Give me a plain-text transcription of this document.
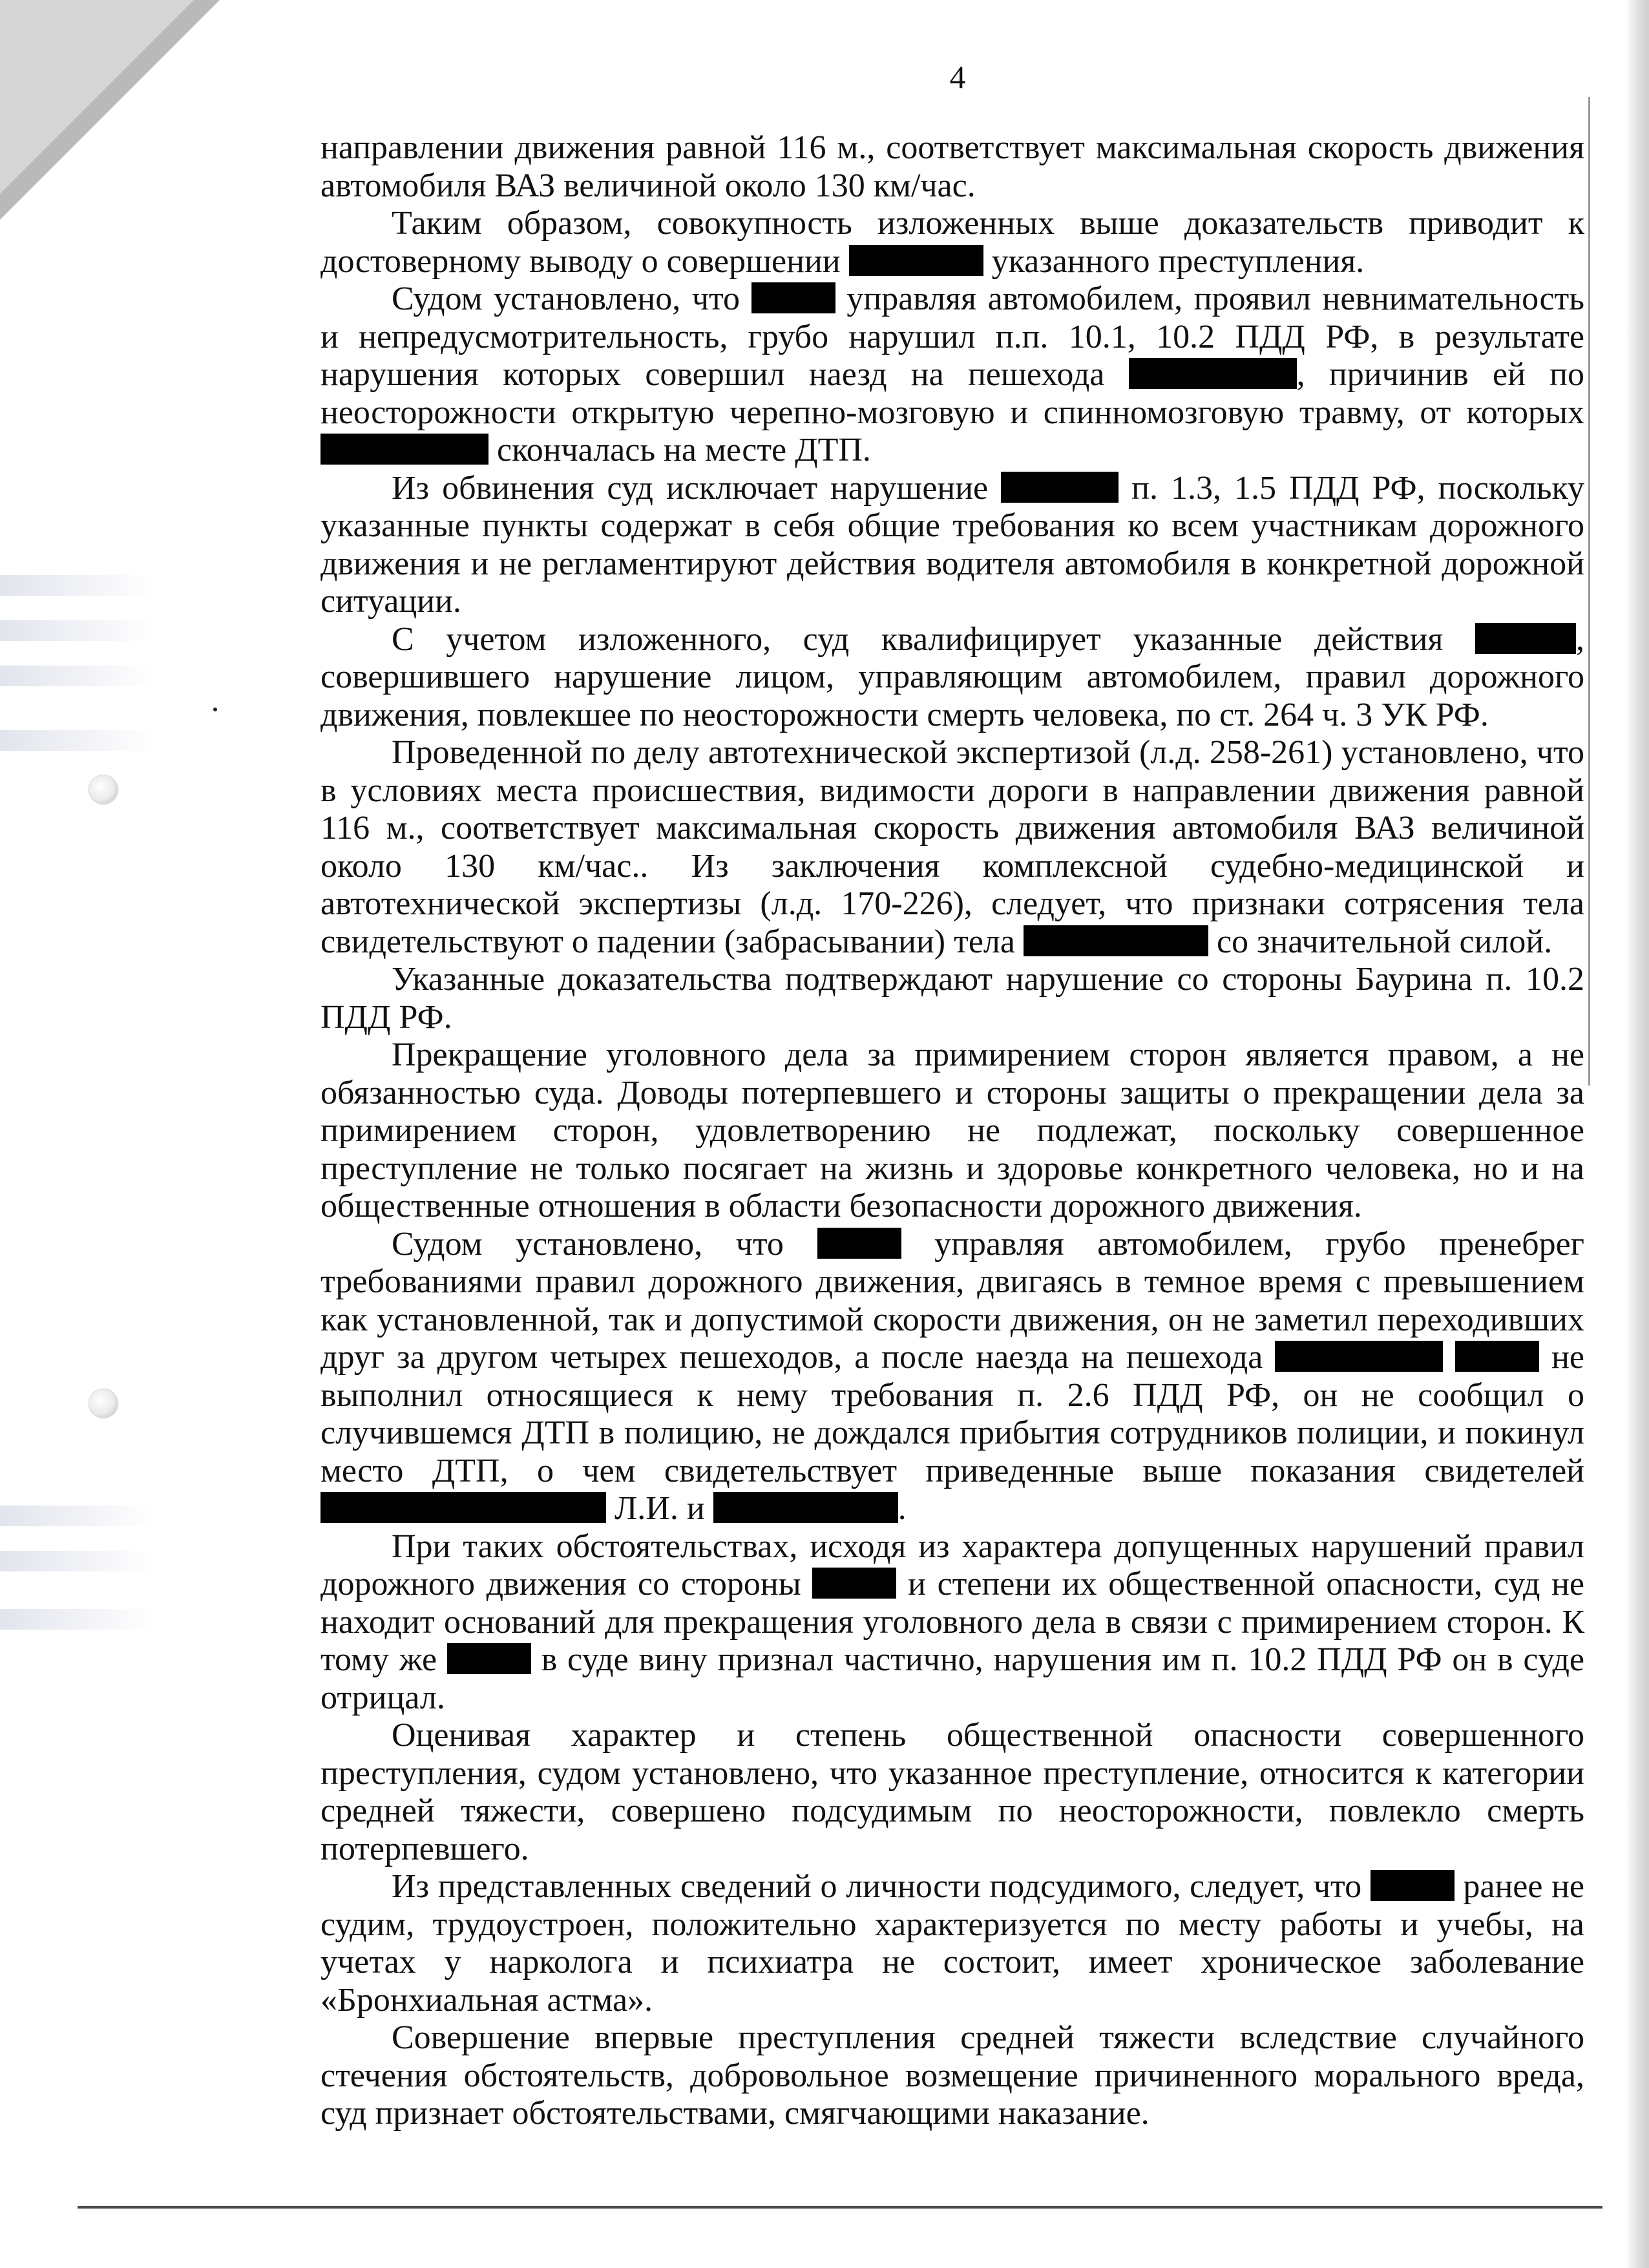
4

направлении движения равной 116 м., соответствует максимальная скорость движения автомобиля ВАЗ величиной около 130 км/час.

Таким образом, совокупность изложенных выше доказательств приводит к достоверному выводу о совершении	указанного преступления.

Судом установлено, что	управляя автомобилем, проявил невнимательность и непредусмотрительность, грубо нарушил п.п. 10.1, 10.2 ПДД РФ, в результате нарушения которых совершил наезд на пешехода	, причинив ей по неосторожности открытую черепно-мозговую и спинномозговую травму, от которых  скончалась на месте ДТП.

Из обвинения суд исключает нарушение	п. 1.3, 1.5 ПДД РФ, поскольку указанные пункты содержат в себя общие требования ко всем участникам дорожного движения и не регламентируют действия водителя автомобиля в конкретной дорожной ситуации.

С учетом изложенного, суд квалифицирует указанные действия	, совершившего нарушение лицом, управляющим автомобилем, правил дорожного движения, повлекшее по неосторожности смерть человека, по ст. 264 ч. 3 УК РФ.

Проведенной по делу автотехнической экспертизой (л.д. 258-261) установлено, что в условиях места происшествия, видимости дороги в направлении движения равной 116 м., соответствует максимальная скорость движения автомобиля ВАЗ величиной около 130 км/час.. Из заключения комплексной судебно-медицинской и автотехнической экспертизы (л.д. 170-226), следует, что признаки сотрясения тела свидетельствуют о падении (забрасывании) тела	со значительной силой.

Указанные доказательства подтверждают нарушение со стороны Баурина п. 10.2 ПДД РФ.

Прекращение уголовного дела за примирением сторон является правом, а не обязанностью суда. Доводы потерпевшего и стороны защиты о прекращении дела за примирением сторон, удовлетворению не подлежат, поскольку совершенное преступление не только посягает на жизнь и здоровье конкретного человека, но и на общественные отношения в области безопасности дорожного движения.

Судом установлено, что	управляя автомобилем, грубо пренебрег требованиями правил дорожного движения, двигаясь в темное время с превышением как установленной, так и допустимой скорости движения, он не заметил переходивших друг за другом четырех пешеходов, а после наезда на пешехода	не выполнил относящиеся к нему требования п. 2.6 ПДД РФ, он не сообщил о случившемся ДТП в полицию, не дождался прибытия сотрудников полиции, и покинул место ДТП, о чем свидетельствует приведенные выше показания свидетелей  Л.И. и	.

При таких обстоятельствах, исходя из характера допущенных нарушений правил дорожного движения со стороны	и степени их общественной опасности, суд не находит оснований для прекращения уголовного дела в связи с примирением сторон. К тому же	в суде вину признал частично, нарушения им п. 10.2 ПДД РФ он в суде отрицал.

Оценивая характер и степень общественной опасности совершенного преступления, судом установлено, что указанное преступление, относится к категории средней тяжести, совершено подсудимым по неосторожности, повлекло смерть потерпевшего.

Из представленных сведений о личности подсудимого, следует, что	ранее не судим, трудоустроен, положительно характеризуется по месту работы и учебы, на учетах у нарколога и психиатра не состоит, имеет хроническое заболевание «Бронхиальная астма».

Совершение впервые преступления средней тяжести вследствие случайного стечения обстоятельств, добровольное возмещение причиненного морального вреда, суд признает обстоятельствами, смягчающими наказание.
